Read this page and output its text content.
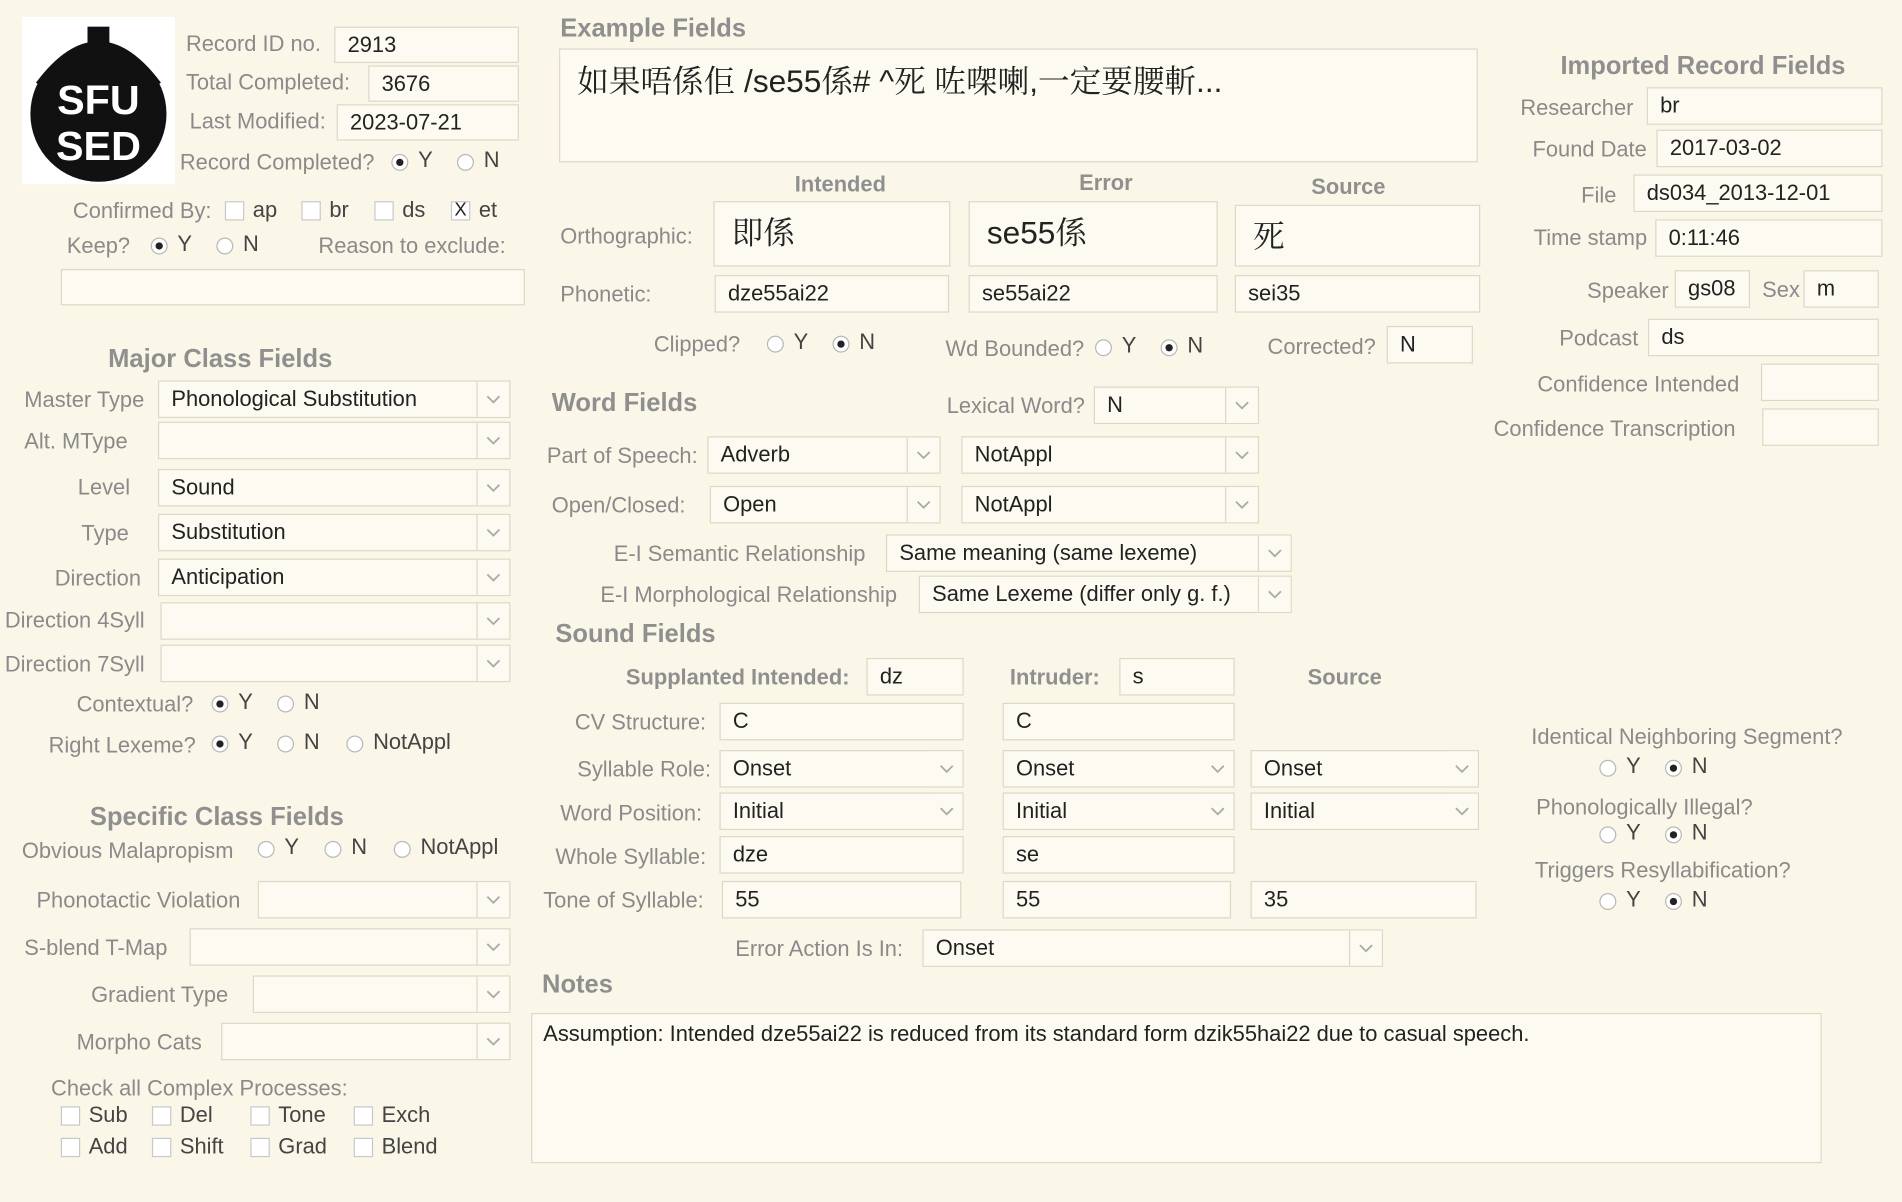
SFU
SED
Record ID no.	2913
Total Completed:	3676
Last Modified:	2023-07-21
Record Completed? Y	N
Confirmed By: ap	br	ds X et
Keep?	Y	N	Reason to exclude:
Major Class Fields
Master Type Phonological Substitution
Alt. MType
Level Sound
Type Substitution
Direction Anticipation
Direction 4Syll
Direction 7Syll
Contextual? Y	N
Right Lexeme? Y	N	NotAppl
Specific Class Fields
Obvious Malapropism	Y	N	NotAppl
Phonotactic Violation
S-blend T-Map
Gradient Type
Morpho Cats
Check all Complex Processes:
Sub	Del	Tone	Exch
Add	Shift	Grad	Blend
Example Fields
如果唔係佢 /se55係# ^死 咗㗎喇,一定要腰斬...
Intended	Error	Source
Orthographic:	即係	se55係	死
Phonetic:	dze55ai22	se55ai22	sei35
Clipped?	Y	N	Wd Bounded? Y	N	Corrected?	N
Word Fields	Lexical Word? N
Part of Speech: Adverb	NotAppl
Open/Closed: Open	NotAppl
E-I Semantic Relationship Same meaning (same lexeme)
E-I Morphological Relationship Same Lexeme (differ only g. f.)
Sound Fields
Supplanted Intended:	dz	Intruder:	s	Source
CV Structure:	C	C
Syllable Role: Onset	Onset	Onset
Word Position: Initial	Initial	Initial
Whole Syllable:	dze	se
Tone of Syllable:	55	55	35
Error Action Is In: Onset
Identical Neighboring Segment?
Y	N
Phonologically Illegal?
Y	N
Triggers Resyllabification?
Y	N
Imported Record Fields
Researcher	br
Found Date	2017-03-02
File	ds034_2013-12-01
Time stamp	0:11:46
Speaker	gs08	Sex m
Podcast	ds
Confidence Intended
Confidence Transcription
Notes
Assumption: Intended dze55ai22 is reduced from its standard form dzik55hai22 due to casual speech.
